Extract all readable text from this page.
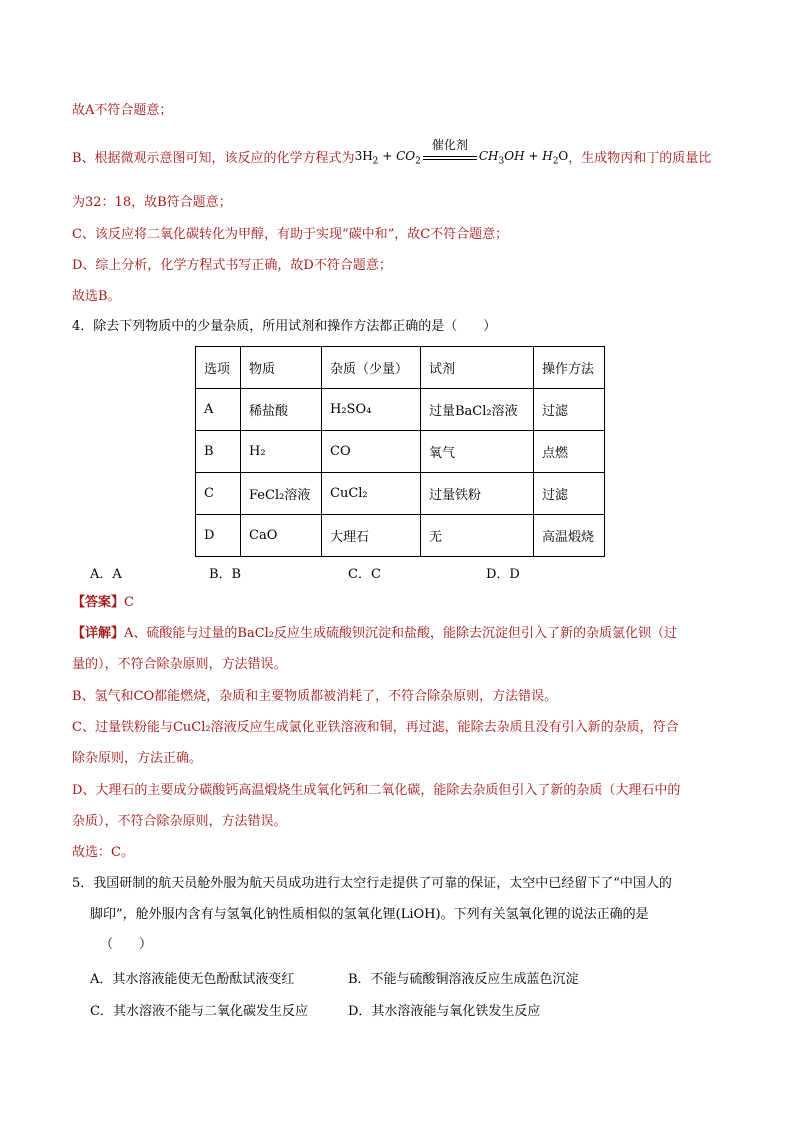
故A不符合题意；
B、根据微观示意图可知，该反应的化学方程式为$3H_2 + CO_2$
催化剂
$CH_3OH + H_2O$，生成物丙和丁的质量比
为32：18，故B符合题意；
C、该反应将二氧化碳转化为甲醇，有助于实现“碳中和”，故C不符合题意；
D、综上分析，化学方程式书写正确，故D不符合题意；
故选B。
4．除去下列物质中的少量杂质，所用试剂和操作方法都正确的是（　　）
选项	物质	杂质（少量）	试剂	操作方法
A	稀盐酸	H₂SO₄	过量BaCl₂溶液	过滤
B	H₂	CO	氧气	点燃
C	FeCl₂溶液	CuCl₂	过量铁粉	过滤
D	CaO	大理石	无	高温煅烧
A．A	B．B	C．C	D．D
【答案】C
【详解】A、硫酸能与过量的BaCl₂反应生成硫酸钡沉淀和盐酸，能除去沉淀但引入了新的杂质氯化钡（过
量的），不符合除杂原则，方法错误。
B、氢气和CO都能燃烧，杂质和主要物质都被消耗了，不符合除杂原则，方法错误。
C、过量铁粉能与CuCl₂溶液反应生成氯化亚铁溶液和铜，再过滤，能除去杂质且没有引入新的杂质，符合
除杂原则，方法正确。
D、大理石的主要成分碳酸钙高温煅烧生成氧化钙和二氧化碳，能除去杂质但引入了新的杂质（大理石中的
杂质），不符合除杂原则，方法错误。
故选：C。
5．我国研制的航天员舱外服为航天员成功进行太空行走提供了可靠的保证，太空中已经留下了“中国人的
脚印”，舱外服内含有与氢氧化钠性质相似的氢氧化锂(LiOH)。下列有关氢氧化锂的说法正确的是
（　　）
A．其水溶液能使无色酚酞试液变红	B．不能与硫酸铜溶液反应生成蓝色沉淀
C．其水溶液不能与二氧化碳发生反应	D．其水溶液能与氧化铁发生反应
